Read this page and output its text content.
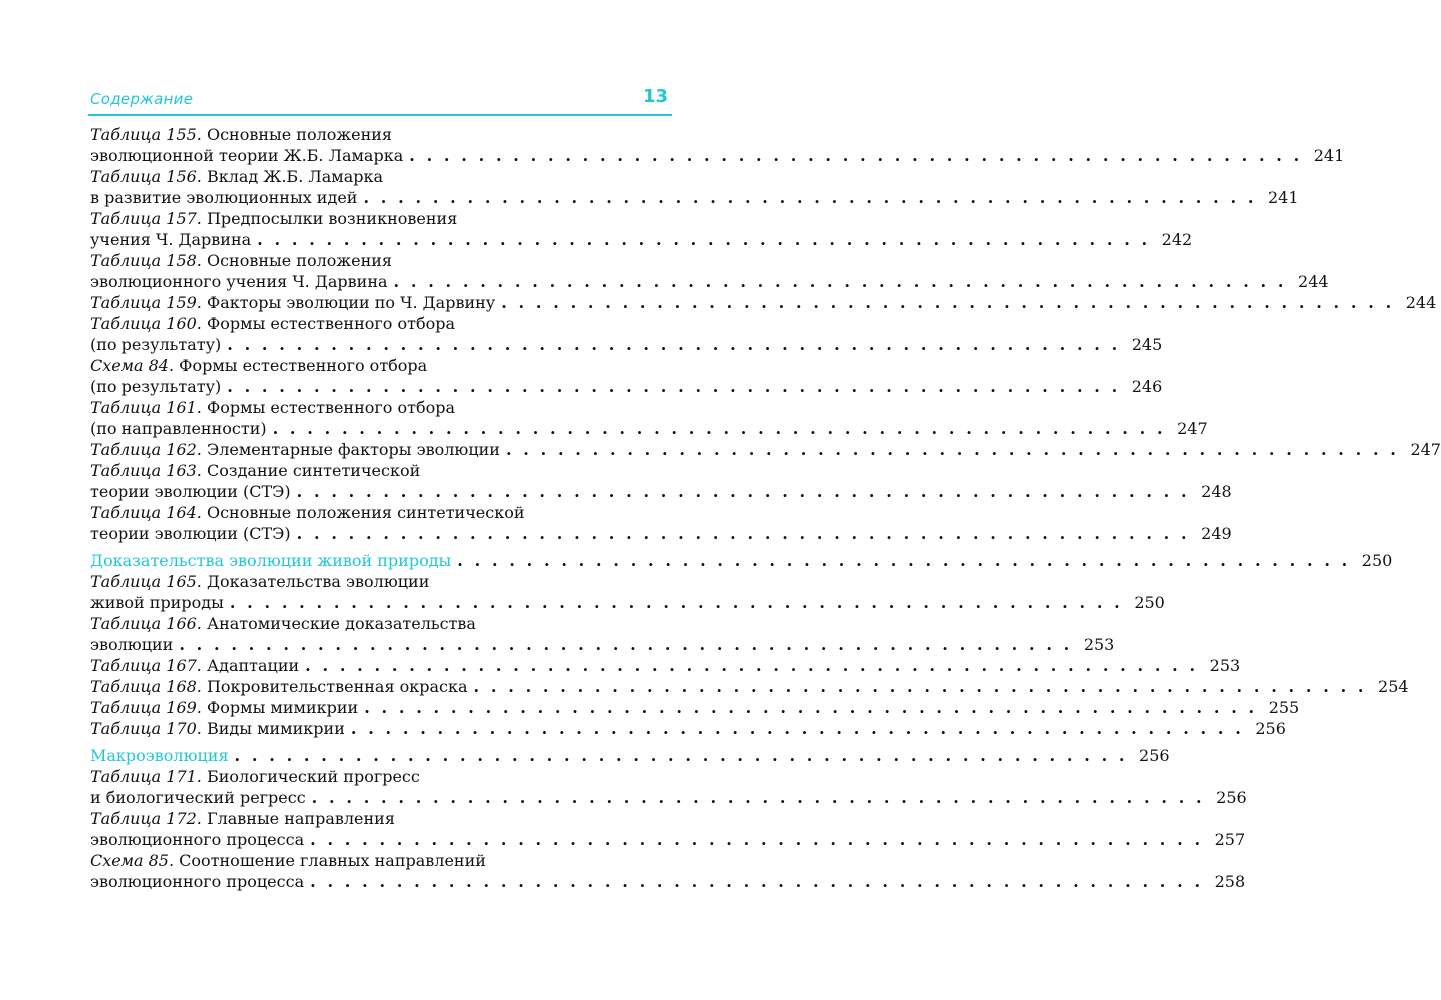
Содержание	13
Таблица 155. Основные положения
эволюционной теории Ж.Б. Ламарка . . . . . . . . . . . . . . . . . . . . . . . . . . . . . . . . . . . . . . . . . . . . . . . . . . . . 241
Таблица 156. Вклад Ж.Б. Ламарка
в развитие эволюционных идей . . . . . . . . . . . . . . . . . . . . . . . . . . . . . . . . . . . . . . . . . . . . . . . . . . . . 241
Таблица 157. Предпосылки возникновения
учения Ч. Дарвина . . . . . . . . . . . . . . . . . . . . . . . . . . . . . . . . . . . . . . . . . . . . . . . . . . . . 242
Таблица 158. Основные положения
эволюционного учения Ч. Дарвина . . . . . . . . . . . . . . . . . . . . . . . . . . . . . . . . . . . . . . . . . . . . . . . . . . . . 244
Таблица 159. Факторы эволюции по Ч. Дарвину . . . . . . . . . . . . . . . . . . . . . . . . . . . . . . . . . . . . . . . . . . . . . . . . . . . . 244
Таблица 160. Формы естественного отбора
(по результату) . . . . . . . . . . . . . . . . . . . . . . . . . . . . . . . . . . . . . . . . . . . . . . . . . . . . 245
Схема 84. Формы естественного отбора
(по результату) . . . . . . . . . . . . . . . . . . . . . . . . . . . . . . . . . . . . . . . . . . . . . . . . . . . . 246
Таблица 161. Формы естественного отбора
(по направленности) . . . . . . . . . . . . . . . . . . . . . . . . . . . . . . . . . . . . . . . . . . . . . . . . . . . . 247
Таблица 162. Элементарные факторы эволюции . . . . . . . . . . . . . . . . . . . . . . . . . . . . . . . . . . . . . . . . . . . . . . . . . . . . 247
Таблица 163. Создание синтетической
теории эволюции (СТЭ) . . . . . . . . . . . . . . . . . . . . . . . . . . . . . . . . . . . . . . . . . . . . . . . . . . . . 248
Таблица 164. Основные положения синтетической
теории эволюции (СТЭ) . . . . . . . . . . . . . . . . . . . . . . . . . . . . . . . . . . . . . . . . . . . . . . . . . . . . 249
Доказательства эволюции живой природы . . . . . . . . . . . . . . . . . . . . . . . . . . . . . . . . . . . . . . . . . . . . . . . . . . . . 250
Таблица 165. Доказательства эволюции
живой природы . . . . . . . . . . . . . . . . . . . . . . . . . . . . . . . . . . . . . . . . . . . . . . . . . . . . 250
Таблица 166. Анатомические доказательства
эволюции . . . . . . . . . . . . . . . . . . . . . . . . . . . . . . . . . . . . . . . . . . . . . . . . . . . . 253
Таблица 167. Адаптации . . . . . . . . . . . . . . . . . . . . . . . . . . . . . . . . . . . . . . . . . . . . . . . . . . . . 253
Таблица 168. Покровительственная окраска . . . . . . . . . . . . . . . . . . . . . . . . . . . . . . . . . . . . . . . . . . . . . . . . . . . . 254
Таблица 169. Формы мимикрии . . . . . . . . . . . . . . . . . . . . . . . . . . . . . . . . . . . . . . . . . . . . . . . . . . . . 255
Таблица 170. Виды мимикрии . . . . . . . . . . . . . . . . . . . . . . . . . . . . . . . . . . . . . . . . . . . . . . . . . . . . 256
Макроэволюция . . . . . . . . . . . . . . . . . . . . . . . . . . . . . . . . . . . . . . . . . . . . . . . . . . . . 256
Таблица 171. Биологический прогресс
и биологический регресс . . . . . . . . . . . . . . . . . . . . . . . . . . . . . . . . . . . . . . . . . . . . . . . . . . . . 256
Таблица 172. Главные направления
эволюционного процесса . . . . . . . . . . . . . . . . . . . . . . . . . . . . . . . . . . . . . . . . . . . . . . . . . . . . 257
Схема 85. Соотношение главных направлений
эволюционного процесса . . . . . . . . . . . . . . . . . . . . . . . . . . . . . . . . . . . . . . . . . . . . . . . . . . . . 258
